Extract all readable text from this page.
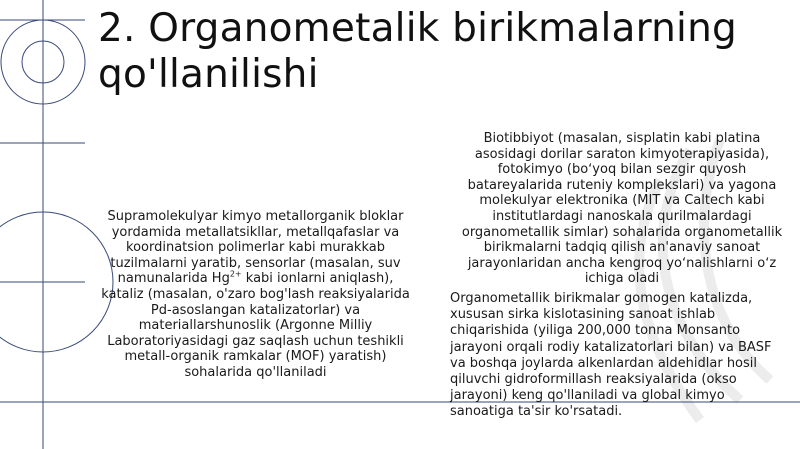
2. Organometalik birikmalarning qo'llanilishi

Supramolekulyar kimyo metallorganik bloklar yordamida metallatsikllar, metallqafaslar va koordinatsion polimerlar kabi murakkab tuzilmalarni yaratib, sensorlar (masalan, suv namunalarida $Hg^{2+}$ kabi ionlarni aniqlash), kataliz (masalan, o'zaro bog'lash reaksiyalarida Pd-asoslangan katalizatorlar) va materiallarshunoslik (Argonne Milliy Laboratoriyasidagi gaz saqlash uchun teshikli metall-organik ramkalar (MOF) yaratish) sohalarida qo'llaniladi

Biotibbiyot (masalan, sisplatin kabi platina asosidagi dorilar saraton kimyoterapiyasida), fotokimyo (boʻyoq bilan sezgir quyosh batareyalarida ruteniy komplekslari) va yagona molekulyar elektronika (MIT va Caltech kabi institutlardagi nanoskala qurilmalardagi organometallik simlar) sohalarida organometallik birikmalarni tadqiq qilish an'anaviy sanoat jarayonlaridan ancha kengroq yoʻnalishlarni oʻz ichiga oladi

Organometallik birikmalar gomogen katalizda, xususan sirka kislotasining sanoat ishlab chiqarishida (yiliga 200,000 tonna Monsanto jarayoni orqali rodiy katalizatorlari bilan) va BASF va boshqa joylarda alkenlardan aldehidlar hosil qiluvchi gidroformillash reaksiyalarida (okso jarayoni) keng qo'llaniladi va global kimyo sanoatiga ta'sir ko'rsatadi.
